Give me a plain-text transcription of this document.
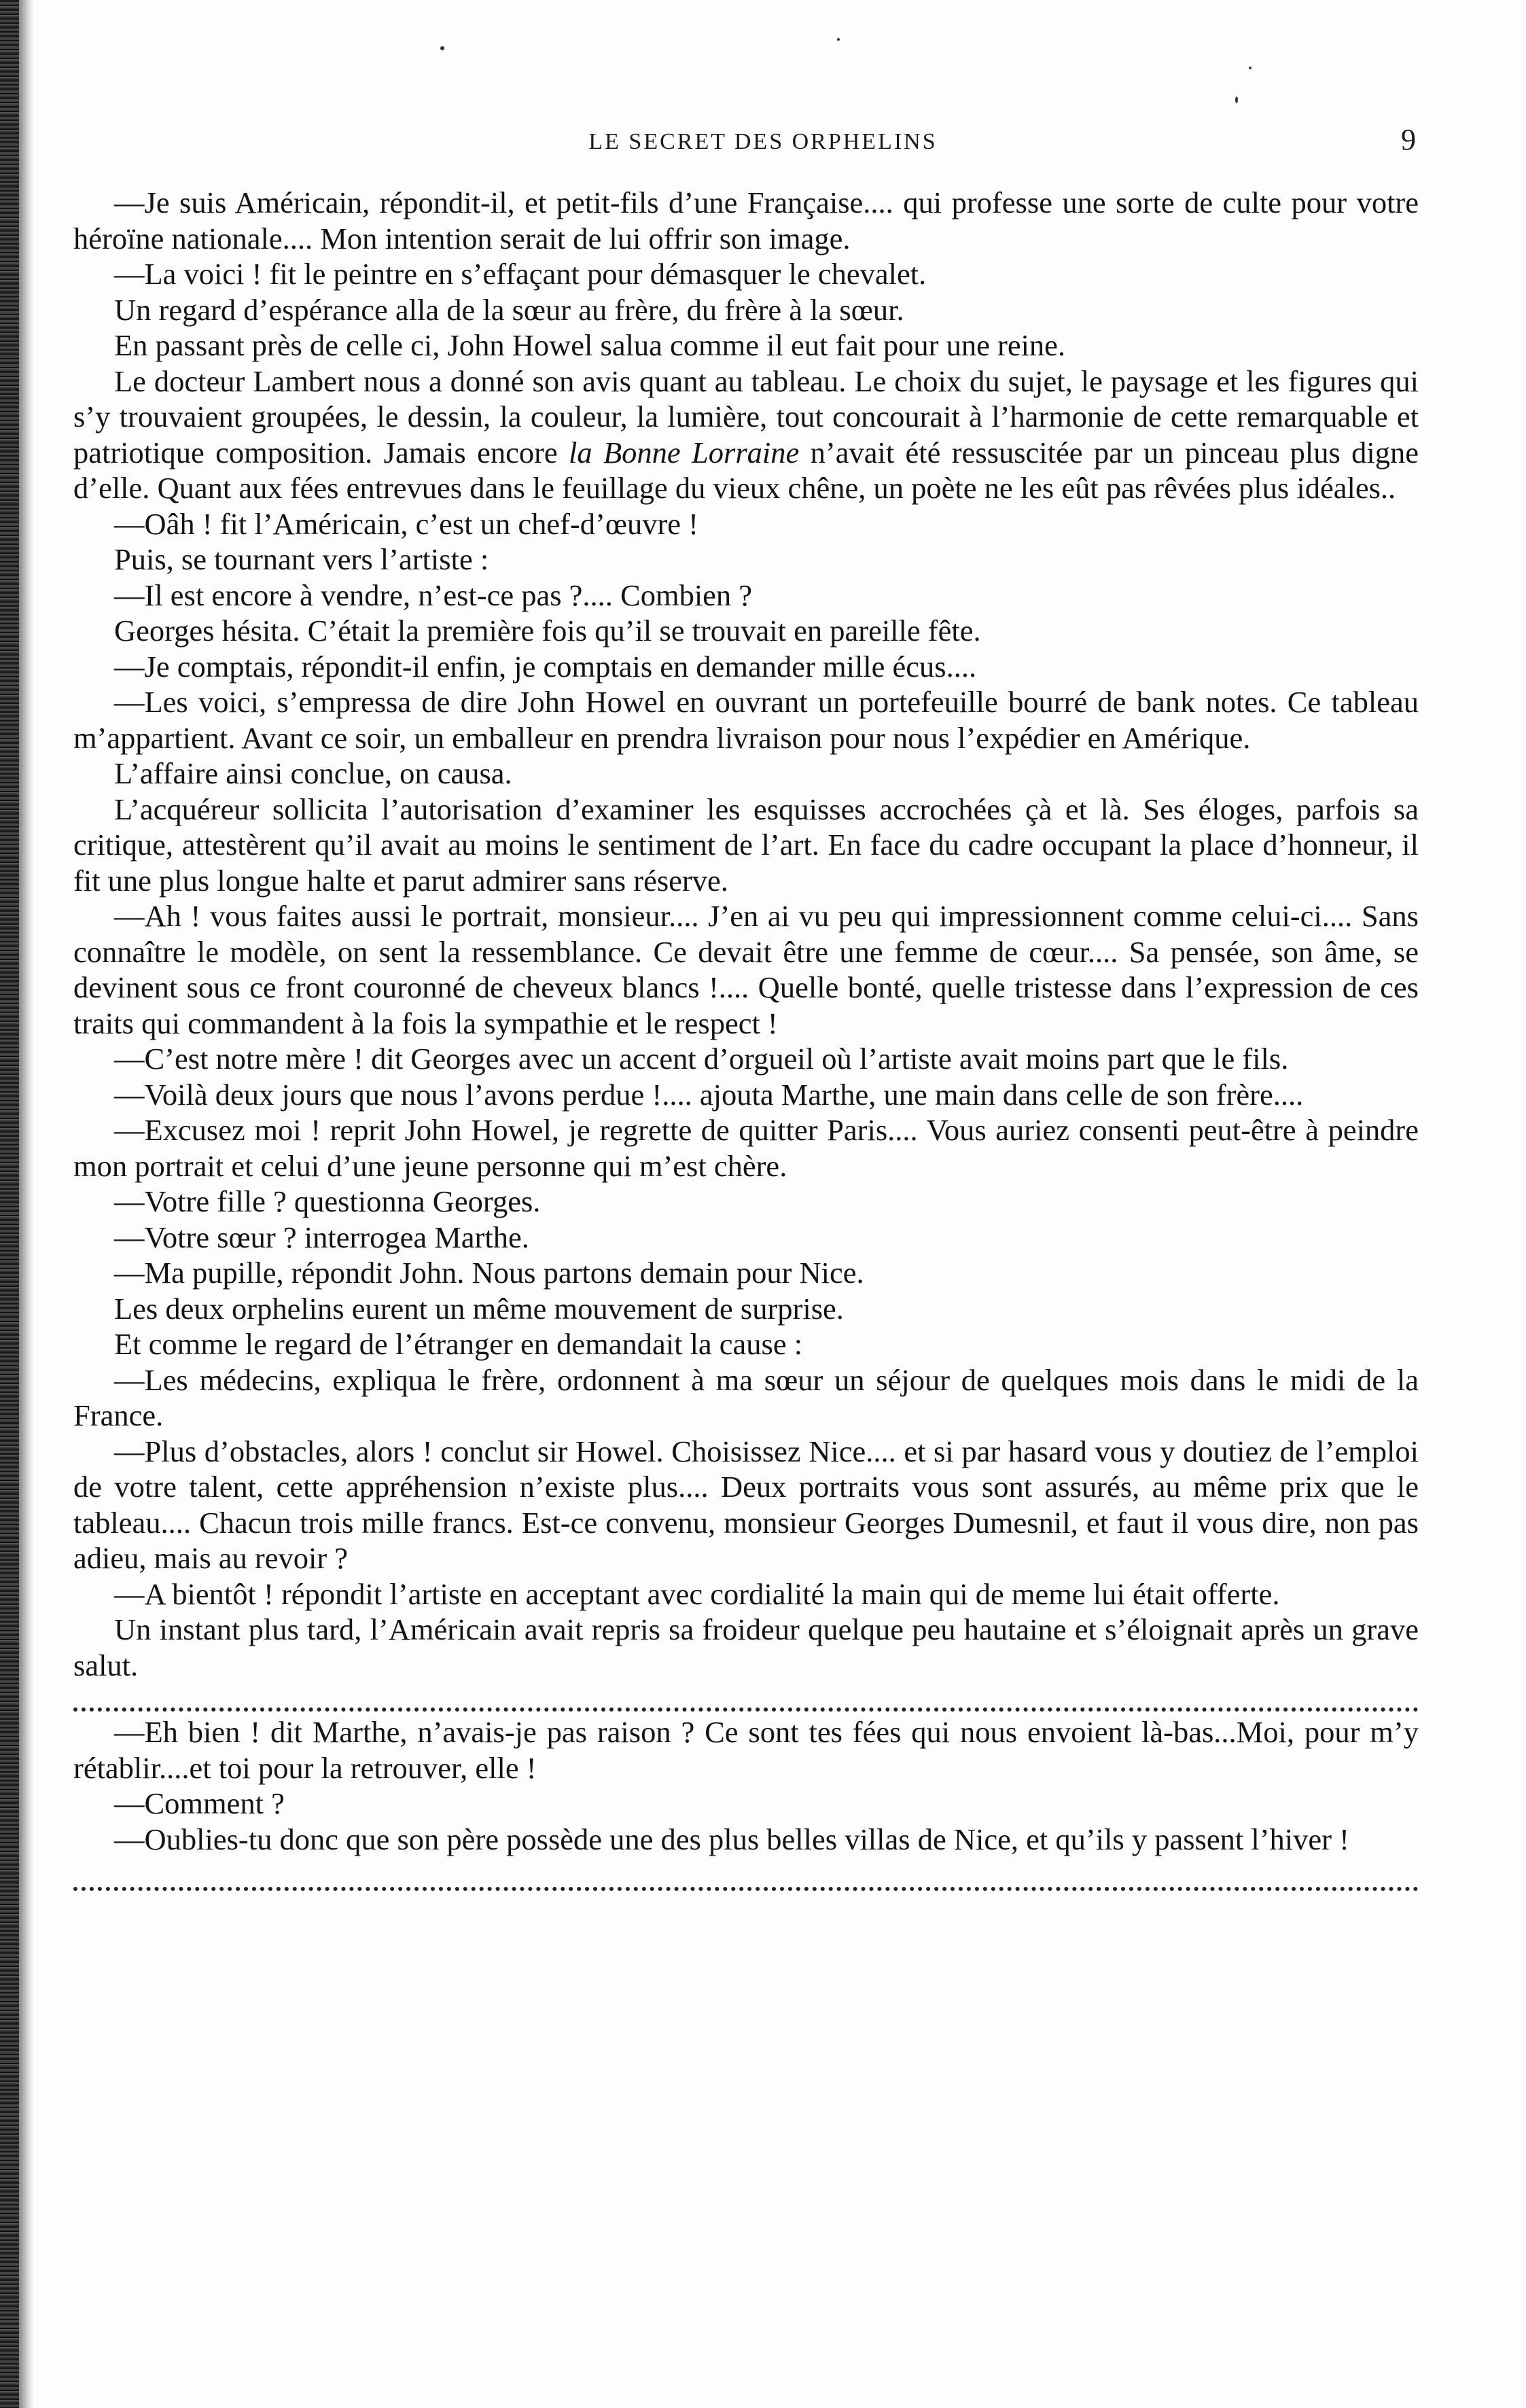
LE SECRET DES ORPHELINS	9

—Je suis Américain, répondit-il, et petit-fils d’une Française.... qui professe une sorte de culte pour votre héroïne nationale.... Mon intention serait de lui offrir son image.

—La voici ! fit le peintre en s’effaçant pour démasquer le chevalet.

Un regard d’espérance alla de la sœur au frère, du frère à la sœur.

En passant près de celle ci, John Howel salua comme il eut fait pour une reine.

Le docteur Lambert nous a donné son avis quant au tableau. Le choix du sujet, le paysage et les figures qui s’y trouvaient groupées, le dessin, la couleur, la lumière, tout concourait à l’harmonie de cette remarquable et patriotique composition. Jamais encore la Bonne Lorraine n’avait été ressuscitée par un pinceau plus digne d’elle. Quant aux fées entrevues dans le feuillage du vieux chêne, un poète ne les eût pas rêvées plus idéales..

—Oâh ! fit l’Américain, c’est un chef-d’œuvre !

Puis, se tournant vers l’artiste :

—Il est encore à vendre, n’est-ce pas ?.... Combien ?

Georges hésita. C’était la première fois qu’il se trouvait en pareille fête.

—Je comptais, répondit-il enfin, je comptais en demander mille écus....

—Les voici, s’empressa de dire John Howel en ouvrant un portefeuille bourré de bank notes. Ce tableau m’appartient. Avant ce soir, un emballeur en prendra livraison pour nous l’expédier en Amérique.

L’affaire ainsi conclue, on causa.

L’acquéreur sollicita l’autorisation d’examiner les esquisses accrochées çà et là. Ses éloges, parfois sa critique, attestèrent qu’il avait au moins le sentiment de l’art. En face du cadre occupant la place d’honneur, il fit une plus longue halte et parut admirer sans réserve.

—Ah ! vous faites aussi le portrait, monsieur.... J’en ai vu peu qui impressionnent comme celui-ci.... Sans connaître le modèle, on sent la ressemblance. Ce devait être une femme de cœur.... Sa pensée, son âme, se devinent sous ce front couronné de cheveux blancs !.... Quelle bonté, quelle tristesse dans l’expression de ces traits qui commandent à la fois la sympathie et le respect !

—C’est notre mère ! dit Georges avec un accent d’orgueil où l’artiste avait moins part que le fils.

—Voilà deux jours que nous l’avons perdue !.... ajouta Marthe, une main dans celle de son frère....

—Excusez moi ! reprit John Howel, je regrette de quitter Paris.... Vous auriez consenti peut-être à peindre mon portrait et celui d’une jeune personne qui m’est chère.

—Votre fille ? questionna Georges.

—Votre sœur ? interrogea Marthe.

—Ma pupille, répondit John. Nous partons demain pour Nice.

Les deux orphelins eurent un même mouvement de surprise.

Et comme le regard de l’étranger en demandait la cause :

—Les médecins, expliqua le frère, ordonnent à ma sœur un séjour de quelques mois dans le midi de la France.

—Plus d’obstacles, alors ! conclut sir Howel. Choisissez Nice.... et si par hasard vous y doutiez de l’emploi de votre talent, cette appréhension n’existe plus.... Deux portraits vous sont assurés, au même prix que le tableau.... Chacun trois mille francs. Est-ce convenu, monsieur Georges Dumesnil, et faut il vous dire, non pas adieu, mais au revoir ?

—A bientôt ! répondit l’artiste en acceptant avec cordialité la main qui de meme lui était offerte.

Un instant plus tard, l’Américain avait repris sa froideur quelque peu hautaine et s’éloignait après un grave salut.

—Eh bien ! dit Marthe, n’avais-je pas raison ? Ce sont tes fées qui nous envoient là-bas...Moi, pour m’y rétablir....et toi pour la retrouver, elle !

—Comment ?

—Oublies-tu donc que son père possède une des plus belles villas de Nice, et qu’ils y passent l’hiver !
